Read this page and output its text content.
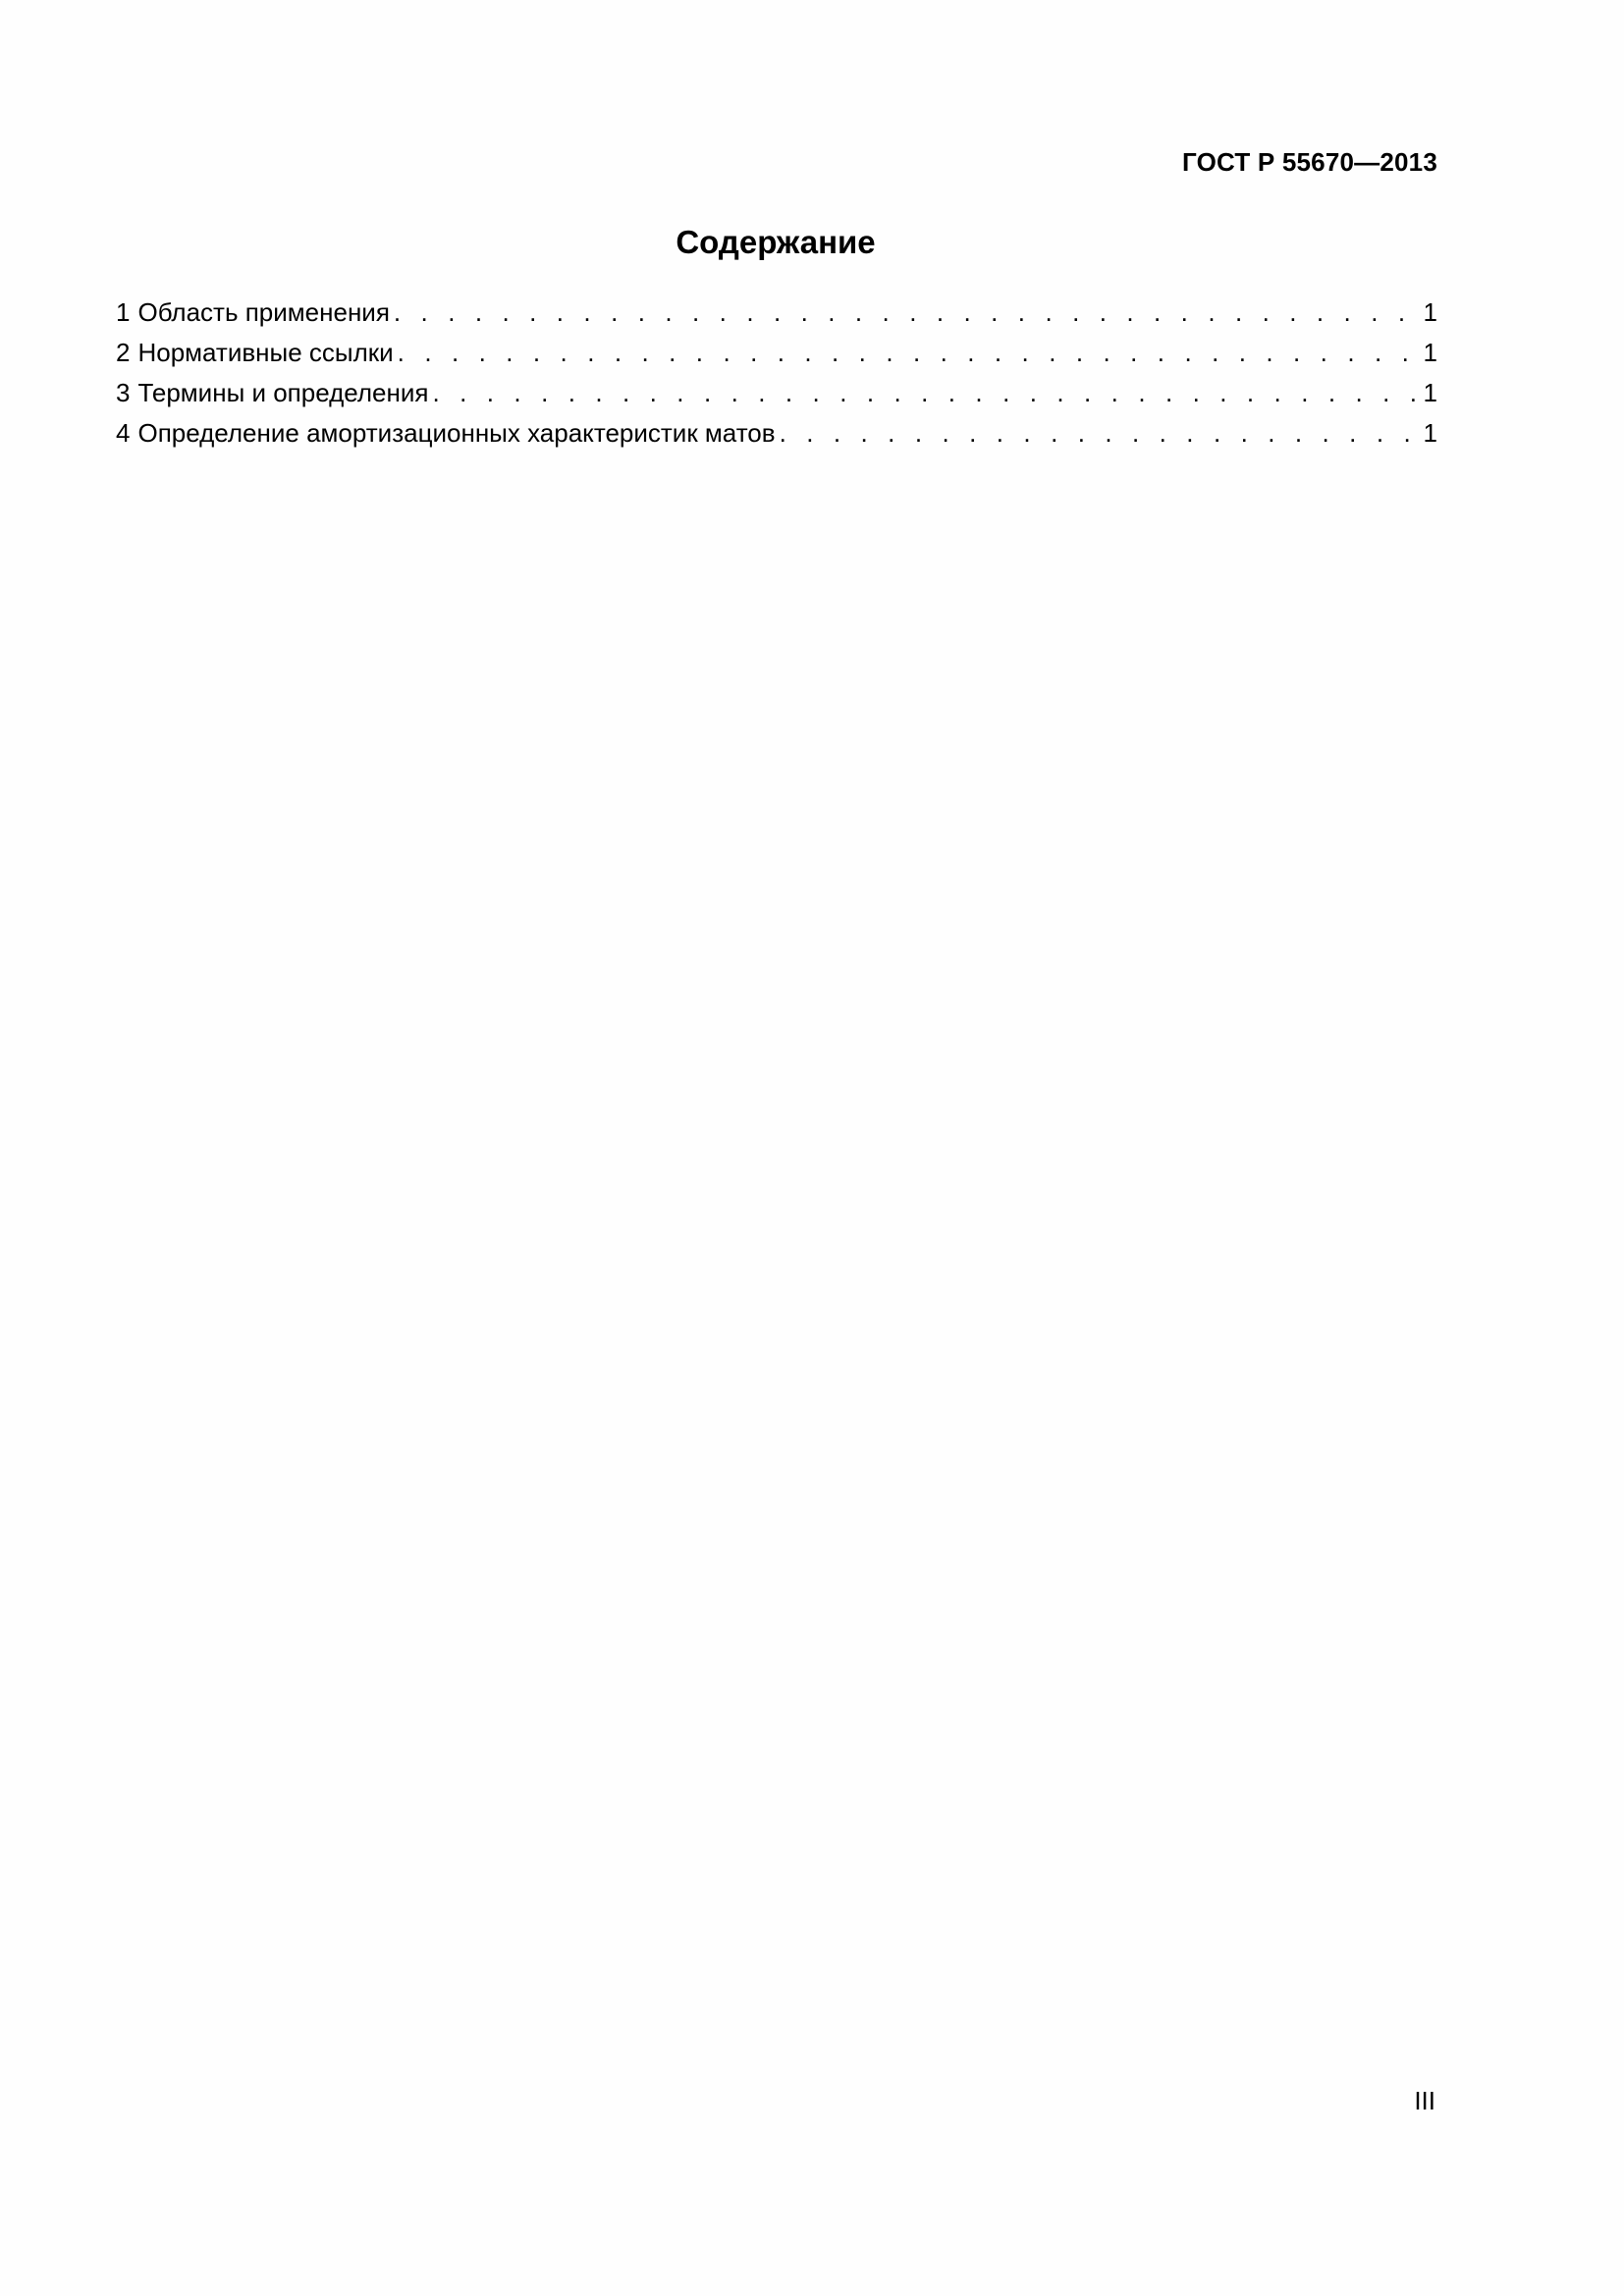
ГОСТ Р 55670—2013
Содержание
1 Область применения . . .	1
2 Нормативные ссылки . . .	1
3 Термины и определения . . .	1
4 Определение амортизационных характеристик матов . . .	1
III
